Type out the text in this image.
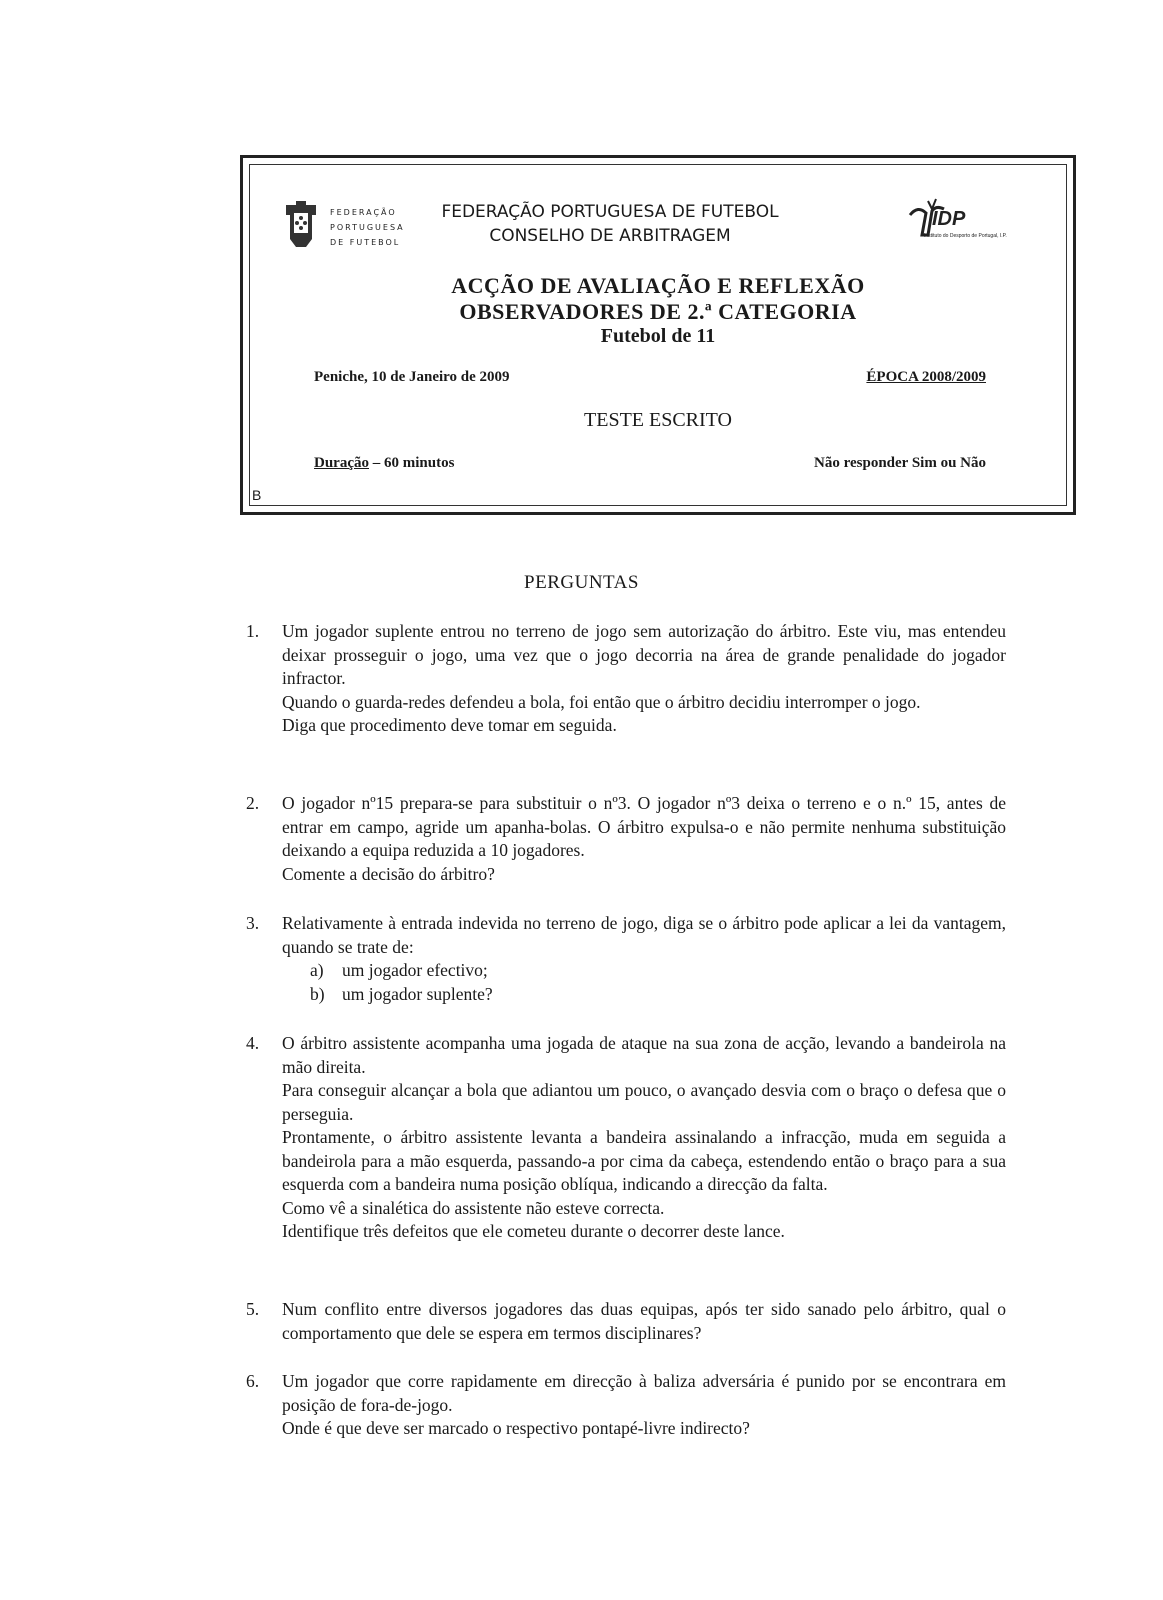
FEDERAÇÃO
PORTUGUESA
DE FUTEBOL
FEDERAÇÃO PORTUGUESA DE FUTEBOL
CONSELHO DE ARBITRAGEM
IDP
Instituto do Desporto de Portugal, I.P.
ACÇÃO DE AVALIAÇÃO E REFLEXÃO
OBSERVADORES DE 2.ª CATEGORIA
Futebol de 11
Peniche, 10 de Janeiro de 2009	ÉPOCA 2008/2009
TESTE ESCRITO
Duração – 60 minutos	Não responder Sim ou Não
B
PERGUNTAS
1.	Um jogador suplente entrou no terreno de jogo sem autorização do árbitro. Este viu, mas entendeu deixar prosseguir o jogo, uma vez que o jogo decorria na área de grande penalidade do jogador infractor.

Quando o guarda-redes defendeu a bola, foi então que o árbitro decidiu interromper o jogo.

Diga que procedimento deve tomar em seguida.

2.	O jogador nº15 prepara-se para substituir o nº3. O jogador nº3 deixa o terreno e o n.º 15, antes de entrar em campo, agride um apanha-bolas. O árbitro expulsa-o e não permite nenhuma substituição deixando a equipa reduzida a 10 jogadores.

Comente a decisão do árbitro?

3.	Relativamente à entrada indevida no terreno de jogo, diga se o árbitro pode aplicar a lei da vantagem, quando se trate de:

a) um jogador efectivo;
b) um jogador suplente?
4.	O árbitro assistente acompanha uma jogada de ataque na sua zona de acção, levando a bandeirola na mão direita.

Para conseguir alcançar a bola que adiantou um pouco, o avançado desvia com o braço o defesa que o perseguia.

Prontamente, o árbitro assistente levanta a bandeira assinalando a infracção, muda em seguida a bandeirola para a mão esquerda, passando-a por cima da cabeça, estendendo então o braço para a sua esquerda com a bandeira numa posição oblíqua, indicando a direcção da falta.

Como vê a sinalética do assistente não esteve correcta.

Identifique três defeitos que ele cometeu durante o decorrer deste lance.

5.	Num conflito entre diversos jogadores das duas equipas, após ter sido sanado pelo árbitro, qual o comportamento que dele se espera em termos disciplinares?

6.	Um jogador que corre rapidamente em direcção à baliza adversária é punido por se encontrara em posição de fora-de-jogo.

Onde é que deve ser marcado o respectivo pontapé-livre indirecto?
